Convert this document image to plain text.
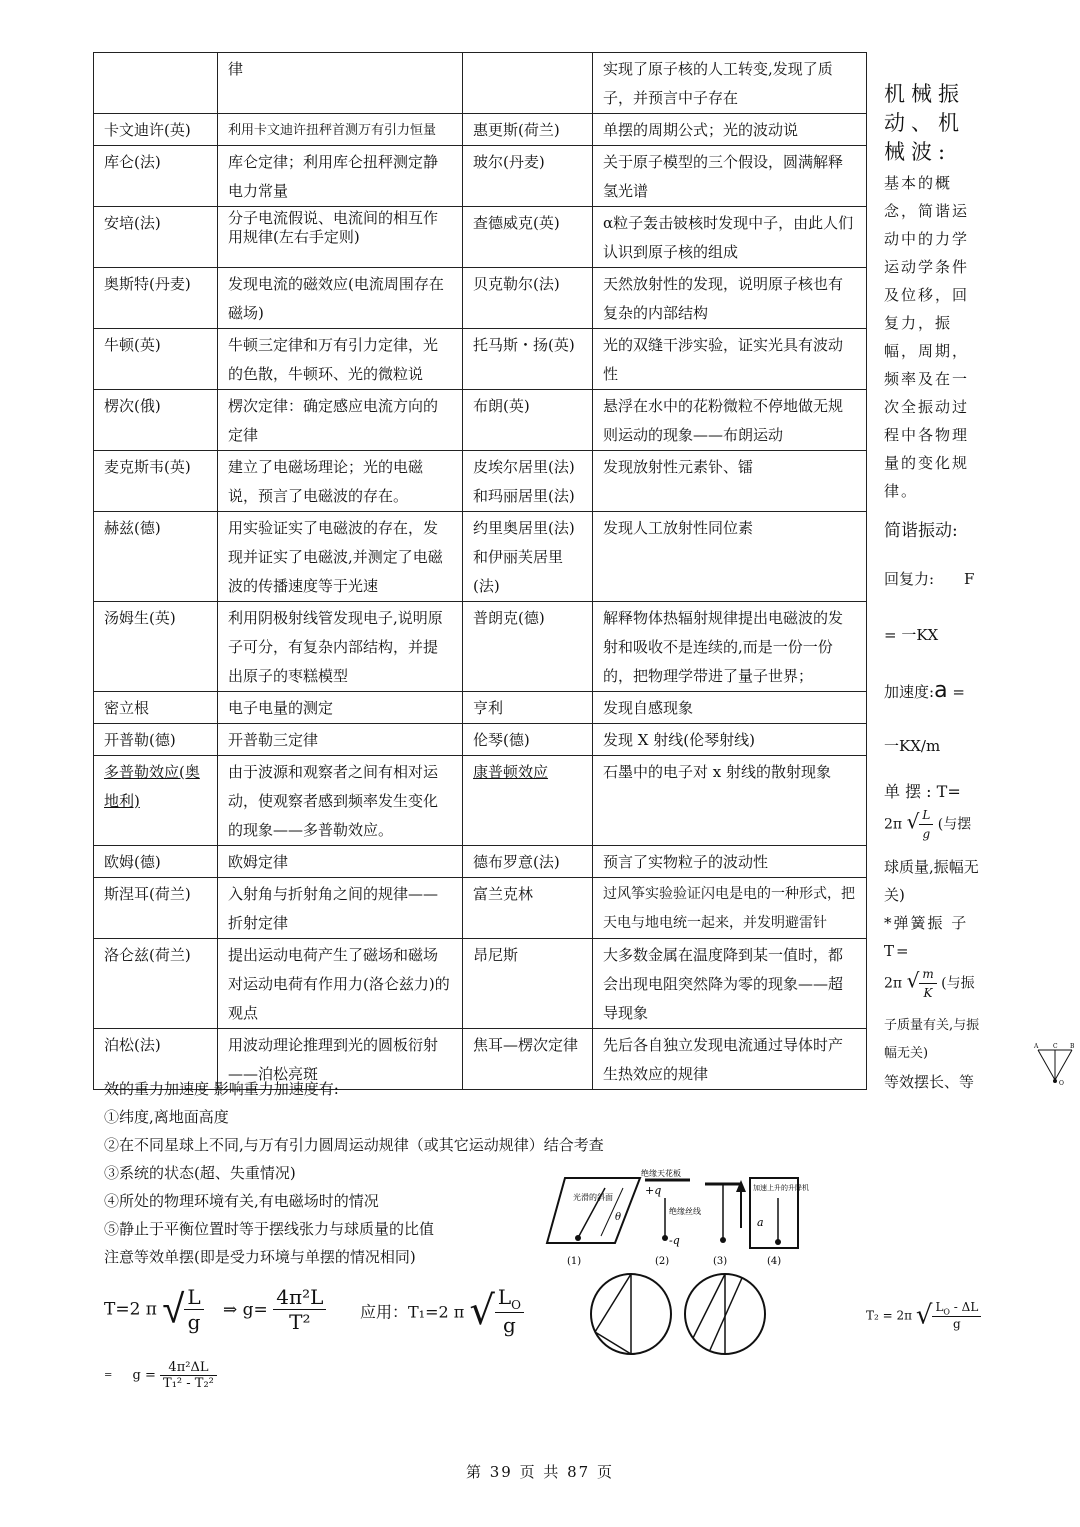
	律		实现了原子核的人工转变,发现了质子，并预言中子存在
卡文迪许(英)	利用卡文迪许扭秤首测万有引力恒量	惠更斯(荷兰)	单摆的周期公式；光的波动说
库仑(法)	库仑定律；利用库仑扭秤测定静电力常量	玻尔(丹麦)	关于原子模型的三个假设，圆满解释氢光谱
安培(法)	分子电流假说、电流间的相互作用规律(左右手定则)	查德威克(英)	α粒子轰击铍核时发现中子，由此人们认识到原子核的组成
奥斯特(丹麦)	发现电流的磁效应(电流周围存在磁场)	贝克勒尔(法)	天然放射性的发现，说明原子核也有复杂的内部结构
牛顿(英)	牛顿三定律和万有引力定律，光的色散，牛顿环、光的微粒说	托马斯・扬(英)	光的双缝干涉实验，证实光具有波动性
楞次(俄)	楞次定律：确定感应电流方向的定律	布朗(英)	悬浮在水中的花粉微粒不停地做无规则运动的现象——布朗运动
麦克斯韦(英)	建立了电磁场理论；光的电磁说，预言了电磁波的存在。	皮埃尔居里(法)和玛丽居里(法)	发现放射性元素钋、镭
赫兹(德)	用实验证实了电磁波的存在，发现并证实了电磁波,并测定了电磁波的传播速度等于光速	约里奥居里(法)和伊丽芙居里(法)	发现人工放射性同位素
汤姆生(英)	利用阴极射线管发现电子,说明原子可分，有复杂内部结构，并提出原子的枣糕模型	普朗克(德)	解释物体热辐射规律提出电磁波的发射和吸收不是连续的,而是一份一份的，把物理学带进了量子世界；
密立根	电子电量的测定	亨利	发现自感现象
开普勒(德)	开普勒三定律	伦琴(德)	发现 X 射线(伦琴射线)
多普勒效应(奥地利)	由于波源和观察者之间有相对运动，使观察者感到频率发生变化的现象——多普勒效应。	康普顿效应	石墨中的电子对 x 射线的散射现象
欧姆(德)	欧姆定律	德布罗意(法)	预言了实物粒子的波动性
斯涅耳(荷兰)	入射角与折射角之间的规律——折射定律	富兰克林	过风筝实验验证闪电是电的一种形式，把天电与地电统一起来，并发明避雷针
洛仑兹(荷兰)	提出运动电荷产生了磁场和磁场对运动电荷有作用力(洛仑兹力)的观点	昂尼斯	大多数金属在温度降到某一值时，都会出现电阻突然降为零的现象——超导现象
泊松(法)	用波动理论推理到光的圆板衍射——泊松亮斑	焦耳—楞次定律	先后各自独立发现电流通过导体时产生热效应的规律
机械振动、机械波:
基本的概念，简谐运动中的力学运动学条件及位移，回复力，振幅，周期，频率及在一次全振动过程中各物理量的变化规律。
简谐振动:
回复力: F
= 一KX
加速度:a =
一KX/m
单 摆 : T=
2π √ $\frac{L}{g}$ (与摆
球质量,振幅无关)
*弹簧振 子 T=
2π √ $\frac{m}{K}$ (与振
子质量有关,与振幅无关)
等效摆长、等
A C B
O
效的重力加速度 影响重力加速度有:
①纬度,离地面高度
②在不同星球上不同,与万有引力圆周运动规律（或其它运动规律）结合考查
③系统的状态(超、失重情况)
④所处的物理环境有关,有电磁场时的情况
⑤静止于平衡位置时等于摆线张力与球质量的比值
注意等效单摆(即是受力环境与单摆的情况相同)
T=2 π √ $\frac{L}{g}$ ⇒ $g= \frac{\text{4π²L}}{\text{T²}}$ 应用：T₁=2 π √ $\frac{L_O}{g}$	T₂ = 2π √ $\frac{L_O - \Delta L}{g}$
= $g = \frac{\text{4π²ΔL}}{\text{T₁² - T₂²}}$
光滑的斜面
θ
绝缘天花板
+q
绝缘丝线
-q
加速上升的升降机
a
(1)	(2)	(3)	(4)
第 39 页 共 87 页
